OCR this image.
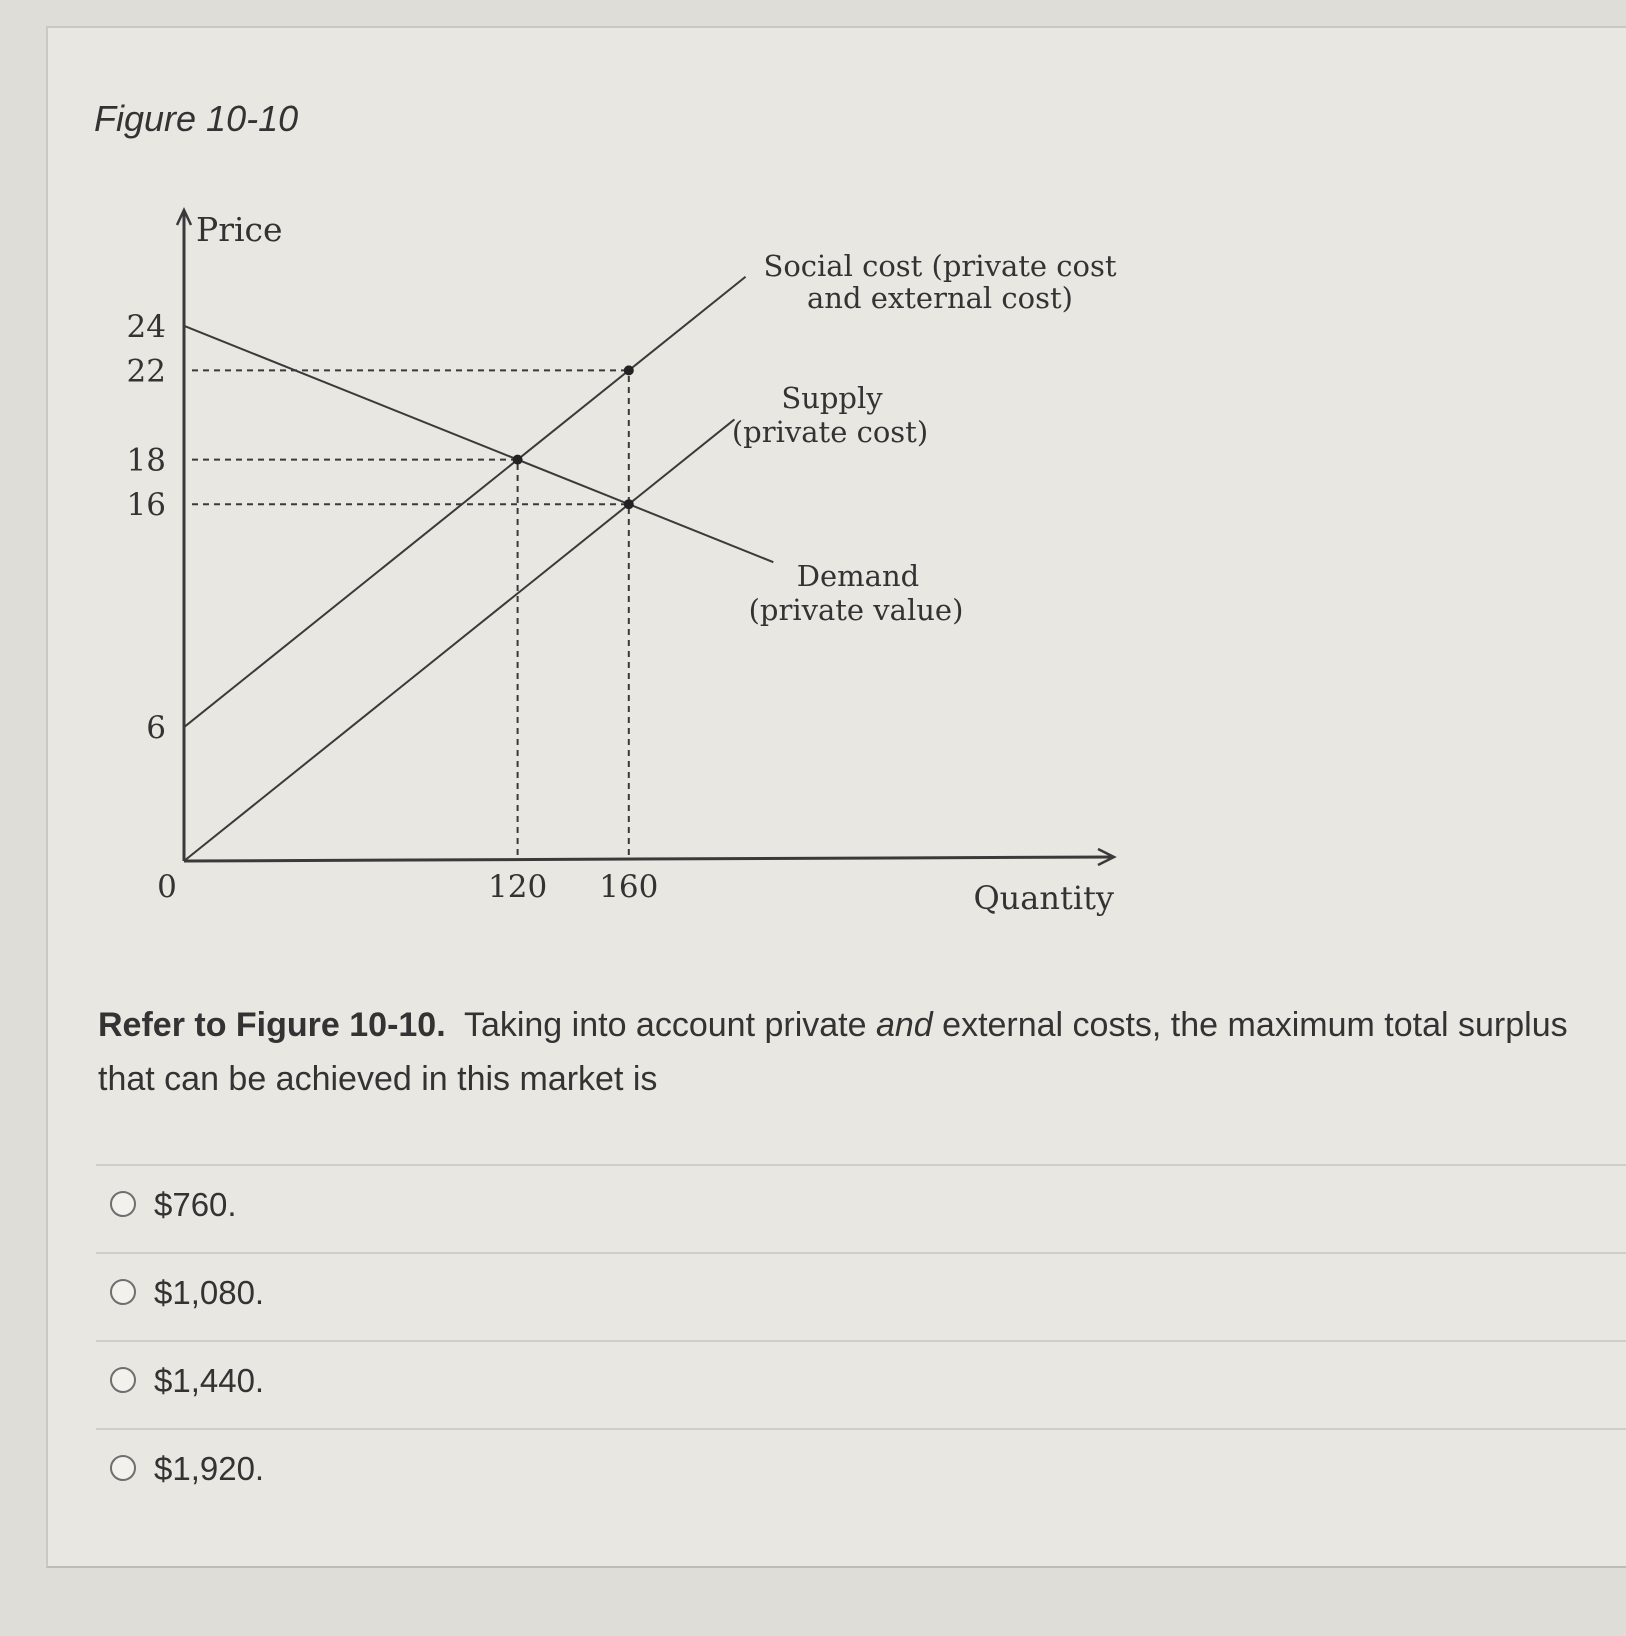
Figure 10-10
24
22
18
16
6
0	120 160
Price
Quantity
Social cost (private cost
and external cost)
Supply
(private cost)
Demand
(private value)
Refer to Figure 10-10. Taking into account private and external costs, the maximum total surplus that can be achieved in this market is
$760.
$1,080.
$1,440.
$1,920.
